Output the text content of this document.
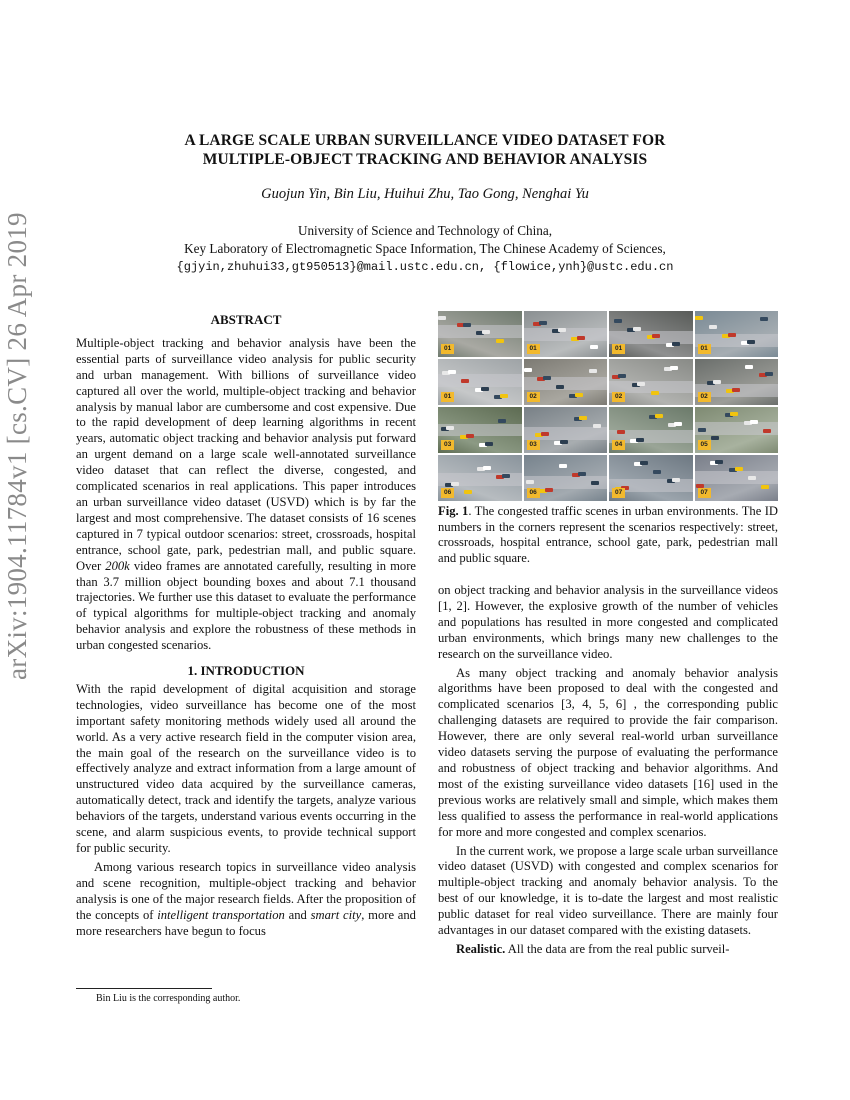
arXiv:1904.11784v1 [cs.CV] 26 Apr 2019
A LARGE SCALE URBAN SURVEILLANCE VIDEO DATASET FOR
MULTIPLE-OBJECT TRACKING AND BEHAVIOR ANALYSIS
Guojun Yin, Bin Liu, Huihui Zhu, Tao Gong, Nenghai Yu
University of Science and Technology of China,
Key Laboratory of Electromagnetic Space Information, The Chinese Academy of Sciences,
{gjyin,zhuhui33,gt950513}@mail.ustc.edu.cn, {flowice,ynh}@ustc.edu.cn
ABSTRACT

Multiple-object tracking and behavior analysis have been the essential parts of surveillance video analysis for public security and urban management. With billions of surveillance video captured all over the world, multiple-object tracking and behavior analysis by manual labor are cumbersome and cost expensive. Due to the rapid development of deep learning algorithms in recent years, automatic object tracking and behavior analysis put forward an urgent demand on a large scale well-annotated surveillance video dataset that can reflect the diverse, congested, and complicated scenarios in real applications. This paper introduces an urban surveillance video dataset (USVD) which is by far the largest and most comprehensive. The dataset consists of 16 scenes captured in 7 typical outdoor scenarios: street, crossroads, hospital entrance, school gate, park, pedestrian mall, and public square. Over 200k video frames are annotated carefully, resulting in more than 3.7 million object bounding boxes and about 7.1 thousand trajectories. We further use this dataset to evaluate the performance of typical algorithms for multiple-object tracking and anomaly behavior analysis and explore the robustness of these methods in urban congested scenarios.

1. INTRODUCTION

With the rapid development of digital acquisition and storage technologies, video surveillance has become one of the most important safety monitoring methods widely used all around the world. As a very active research field in the computer vision area, the main goal of the research on the surveillance video is to effectively analyze and extract information from a large amount of unstructured video data acquired by the surveillance cameras, automatically detect, track and identify the targets, analyze various behaviors of the targets, understand various events occurring in the scene, and alarm suspicious events, to provide technical support for public security.

Among various research topics in surveillance video analysis and scene recognition, multiple-object tracking and behavior analysis is one of the major research fields. After the proposition of the concepts of intelligent transportation and smart city, more and more researchers have begun to focus

Bin Liu is the corresponding author.
01	01	01	01
01	02	02	02
03	03	04	05
06	06	07	07
Fig. 1. The congested traffic scenes in urban environments. The ID numbers in the corners represent the scenarios respectively: street, crossroads, hospital entrance, school gate, park, pedestrian mall and public square.

on object tracking and behavior analysis in the surveillance videos [1, 2]. However, the explosive growth of the number of vehicles and populations has resulted in more congested and complicated urban environments, which brings many new challenges to the research on the surveillance video.

As many object tracking and anomaly behavior analysis algorithms have been proposed to deal with the congested and complicated scenarios [3, 4, 5, 6] , the corresponding public challenging datasets are required to provide the fair comparison. However, there are only several real-world urban surveillance video datasets serving the purpose of evaluating the performance and robustness of object tracking and behavior algorithms. And most of the existing surveillance video datasets [16] used in the previous works are relatively small and simple, which makes them less qualified to assess the performance in real-world applications for more and more congested and complex scenarios.

In the current work, we propose a large scale urban surveillance video dataset (USVD) with congested and complex scenarios for multiple-object tracking and anomaly behavior analysis. To the best of our knowledge, it is to-date the largest and most realistic public dataset for real video surveillance. There are mainly four advantages in our dataset compared with the existing datasets.

Realistic. All the data are from the real public surveil-
